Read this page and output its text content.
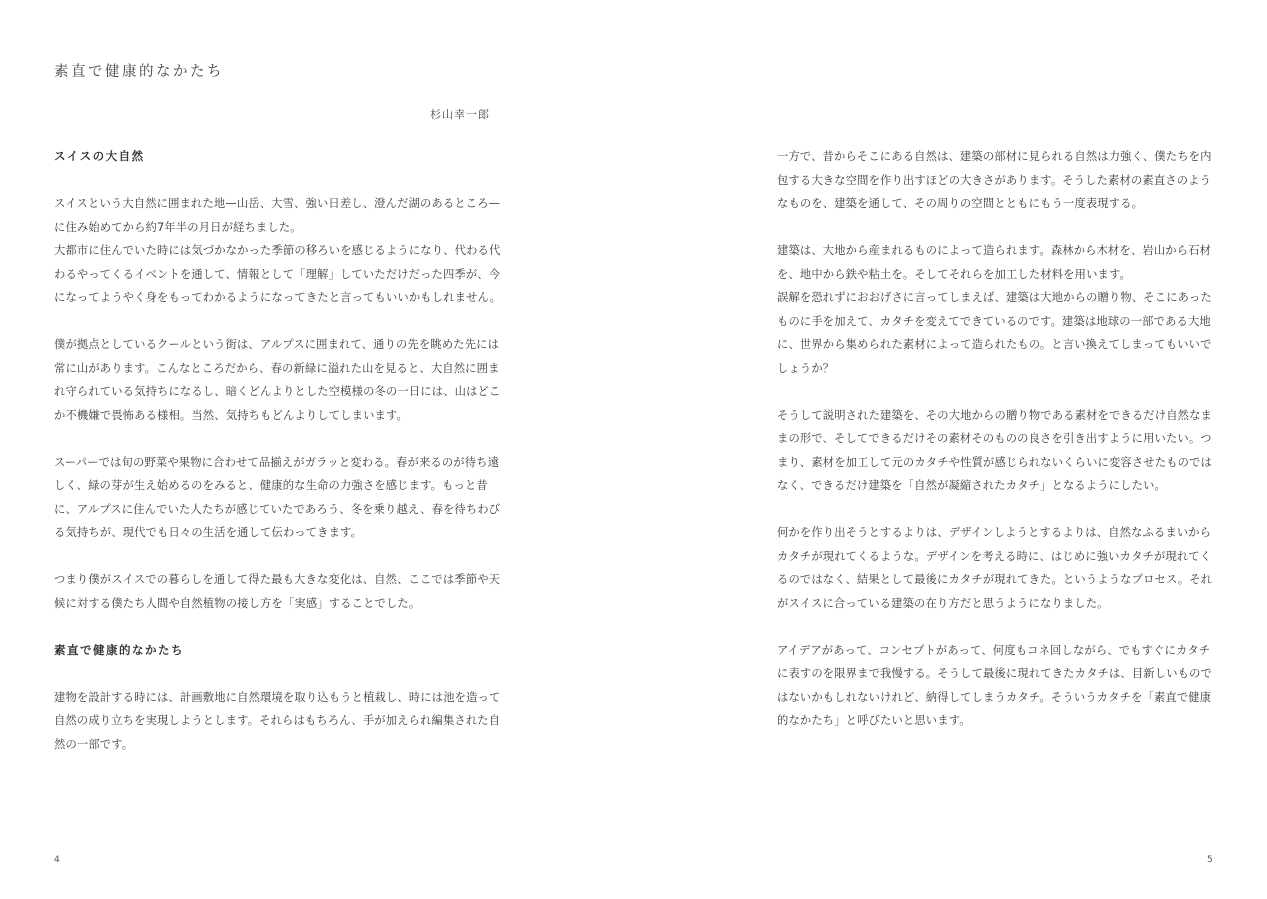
素直で健康的なかたち
杉山幸一郎
スイスの大自然

スイスという大自然に囲まれた地—山岳、大雪、強い日差し、澄んだ湖のあるところ—に住み始めてから約7年半の月日が経ちました。

大都市に住んでいた時には気づかなかった季節の移ろいを感じるようになり、代わる代わるやってくるイベントを通して、情報として「理解」していただけだった四季が、今になってようやく身をもってわかるようになってきたと言ってもいいかもしれません。

僕が拠点としているクールという街は、アルプスに囲まれて、通りの先を眺めた先には常に山があります。こんなところだから、春の新緑に溢れた山を見ると、大自然に囲まれ守られている気持ちになるし、暗くどんよりとした空模様の冬の一日には、山はどこか不機嫌で畏怖ある様相。当然、気持ちもどんよりしてしまいます。

スーパーでは旬の野菜や果物に合わせて品揃えがガラッと変わる。春が来るのが待ち遠しく、緑の芽が生え始めるのをみると、健康的な生命の力強さを感じます。もっと昔に、アルプスに住んでいた人たちが感じていたであろう、冬を乗り越え、春を待ちわびる気持ちが、現代でも日々の生活を通して伝わってきます。

つまり僕がスイスでの暮らしを通して得た最も大きな変化は、自然、ここでは季節や天候に対する僕たち人間や自然植物の接し方を「実感」することでした。

素直で健康的なかたち

建物を設計する時には、計画敷地に自然環境を取り込もうと植栽し、時には池を造って自然の成り立ちを実現しようとします。それらはもちろん、手が加えられ編集された自然の一部です。

一方で、昔からそこにある自然は、建築の部材に見られる自然は力強く、僕たちを内包する大きな空間を作り出すほどの大きさがあります。そうした素材の素直さのようなものを、建築を通して、その周りの空間とともにもう一度表現する。

建築は、大地から産まれるものによって造られます。森林から木材を、岩山から石材を、地中から鉄や粘土を。そしてそれらを加工した材料を用います。

誤解を恐れずにおおげさに言ってしまえば、建築は大地からの贈り物、そこにあったものに手を加えて、カタチを変えてできているのです。建築は地球の一部である大地に、世界から集められた素材によって造られたもの。と言い換えてしまってもいいでしょうか？

そうして説明された建築を、その大地からの贈り物である素材をできるだけ自然なままの形で、そしてできるだけその素材そのものの良さを引き出すように用いたい。つまり、素材を加工して元のカタチや性質が感じられないくらいに変容させたものではなく、できるだけ建築を「自然が凝縮されたカタチ」となるようにしたい。

何かを作り出そうとするよりは、デザインしようとするよりは、自然なふるまいからカタチが現れてくるような。デザインを考える時に、はじめに強いカタチが現れてくるのではなく、結果として最後にカタチが現れてきた。というようなプロセス。それがスイスに合っている建築の在り方だと思うようになりました。

アイデアがあって、コンセプトがあって、何度もコネ回しながら、でもすぐにカタチに表すのを限界まで我慢する。そうして最後に現れてきたカタチは、目新しいものではないかもしれないけれど、納得してしまうカタチ。そういうカタチを「素直で健康的なかたち」と呼びたいと思います。

4	5
